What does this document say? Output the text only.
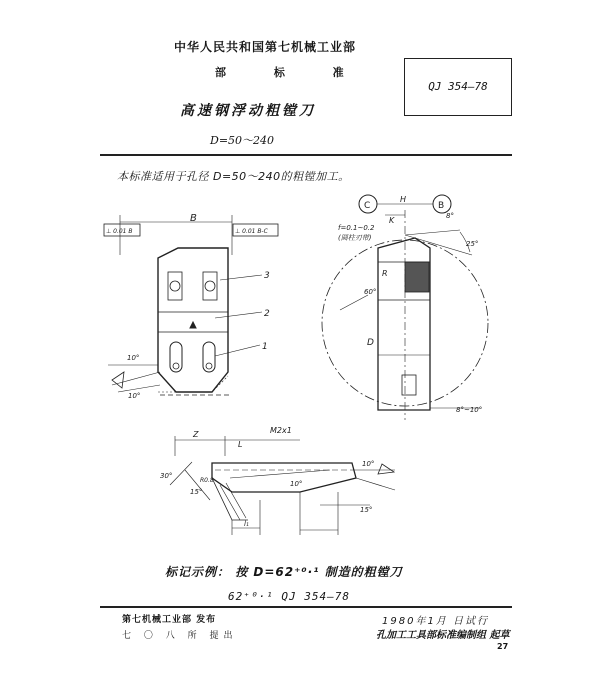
中华人民共和国第七机械工业部
部 标 准
QJ 354—78
高速钢浮动粗镗刀
D=50～240
本标准适用于孔径 D=50～240的粗镗加工。
⊥ 0.01 B	⊥ 0.01 B-C
B
3
2
1
10°
10°
C	B
H
8°
K
f=0.1~0.2
(圆柱刃带)
25°
R
60°
D
8°~10°
Z
L
M2x1
30°
15°
R0.8
l₁
10°
10°
15°
标记示例： 按 D=62⁺⁰·¹ 制造的粗镗刀
62⁺⁰·¹ QJ 354—78
第七机械工业部 发布
七 〇 八 所 提出
1980年1月 日试行
孔加工工具部标准编制组 起草
27
